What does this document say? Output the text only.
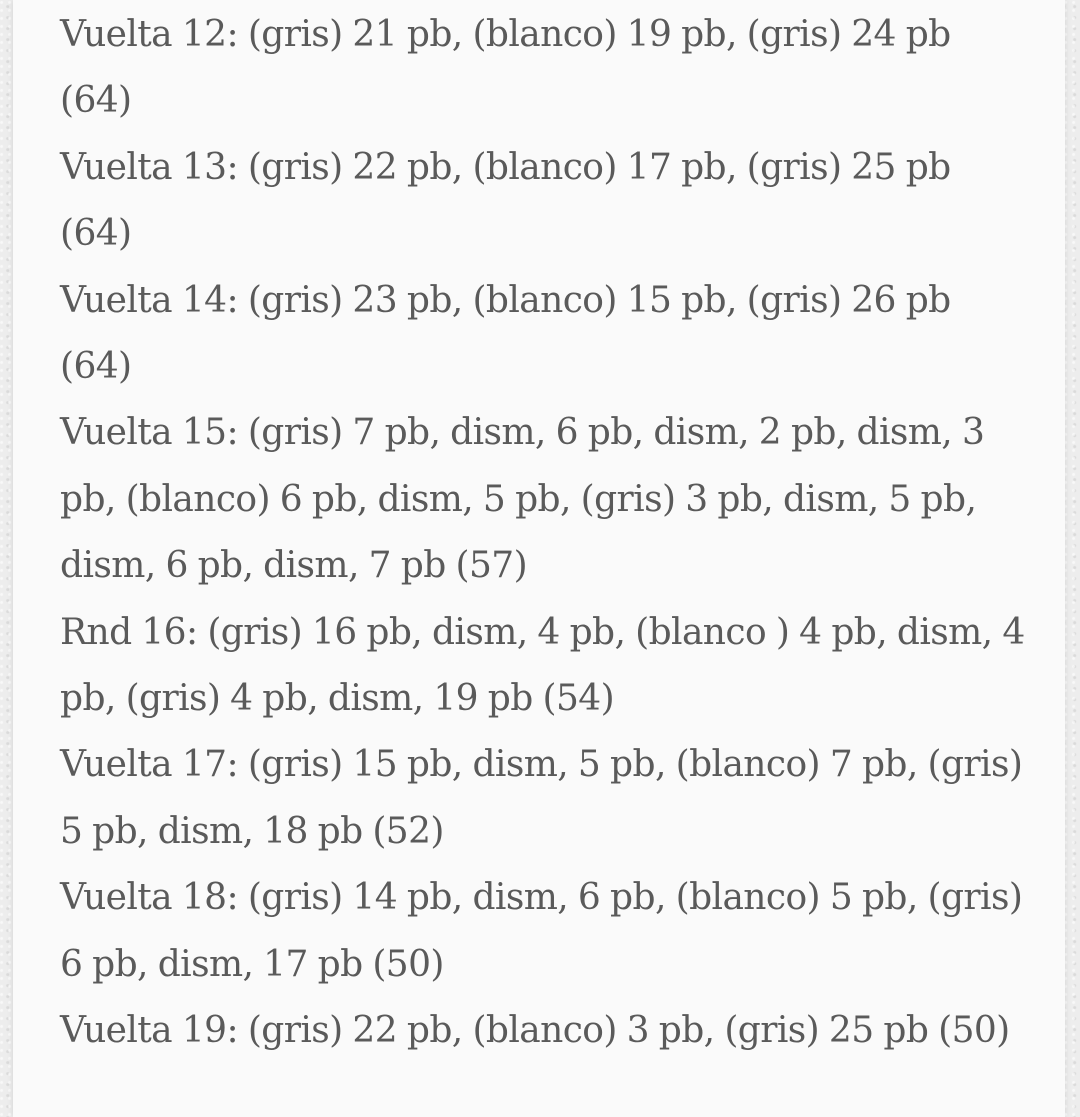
Vuelta 12: (gris) 21 pb, (blanco) 19 pb, (gris) 24 pb (64)

Vuelta 13: (gris) 22 pb, (blanco) 17 pb, (gris) 25 pb (64)

Vuelta 14: (gris) 23 pb, (blanco) 15 pb, (gris) 26 pb (64)

Vuelta 15: (gris) 7 pb, dism, 6 pb, dism, 2 pb, dism, 3 pb, (blanco) 6 pb, dism, 5 pb, (gris) 3 pb, dism, 5 pb, dism, 6 pb, dism, 7 pb (57)

Rnd 16: (gris) 16 pb, dism, 4 pb, (blanco ) 4 pb, dism, 4 pb, (gris) 4 pb, dism, 19 pb (54)

Vuelta 17: (gris) 15 pb, dism, 5 pb, (blanco) 7 pb, (gris) 5 pb, dism, 18 pb (52)

Vuelta 18: (gris) 14 pb, dism, 6 pb, (blanco) 5 pb, (gris) 6 pb, dism, 17 pb (50)

Vuelta 19: (gris) 22 pb, (blanco) 3 pb, (gris) 25 pb (50)
